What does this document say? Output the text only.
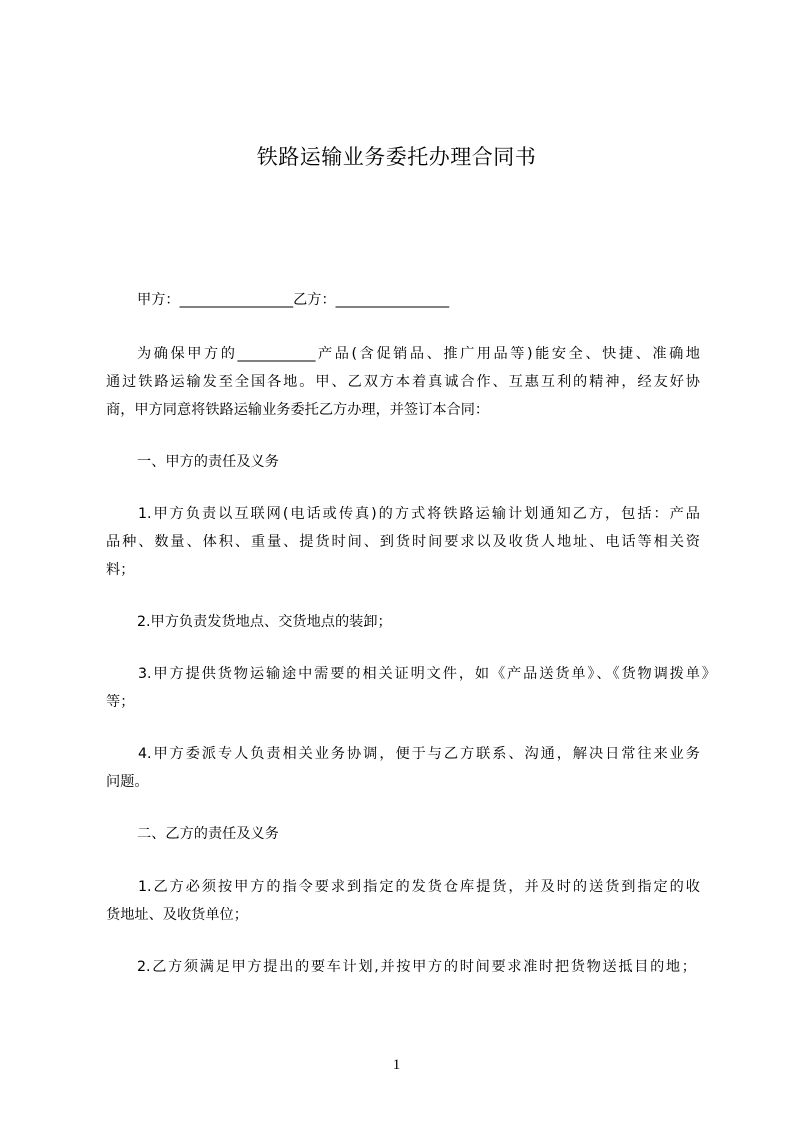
铁路运输业务委托办理合同书
甲方：________________乙方：________________
为确保甲方的___________产品(含促销品、推广用品等)能安全、快捷、准确地
通过铁路运输发至全国各地。甲、乙双方本着真诚合作、互惠互利的精神，经友好协
商，甲方同意将铁路运输业务委托乙方办理，并签订本合同：
一、甲方的责任及义务
1.甲方负责以互联网(电话或传真)的方式将铁路运输计划通知乙方，包括：产品
品种、数量、体积、重量、提货时间、到货时间要求以及收货人地址、电话等相关资
料；
2.甲方负责发货地点、交货地点的装卸；
3.甲方提供货物运输途中需要的相关证明文件，如《产品送货单》、《货物调拨单》
等；
4.甲方委派专人负责相关业务协调，便于与乙方联系、沟通，解决日常往来业务
问题。
二、乙方的责任及义务
1.乙方必须按甲方的指令要求到指定的发货仓库提货，并及时的送货到指定的收
货地址、及收货单位；
2.乙方须满足甲方提出的要车计划,并按甲方的时间要求准时把货物送抵目的地；
1
